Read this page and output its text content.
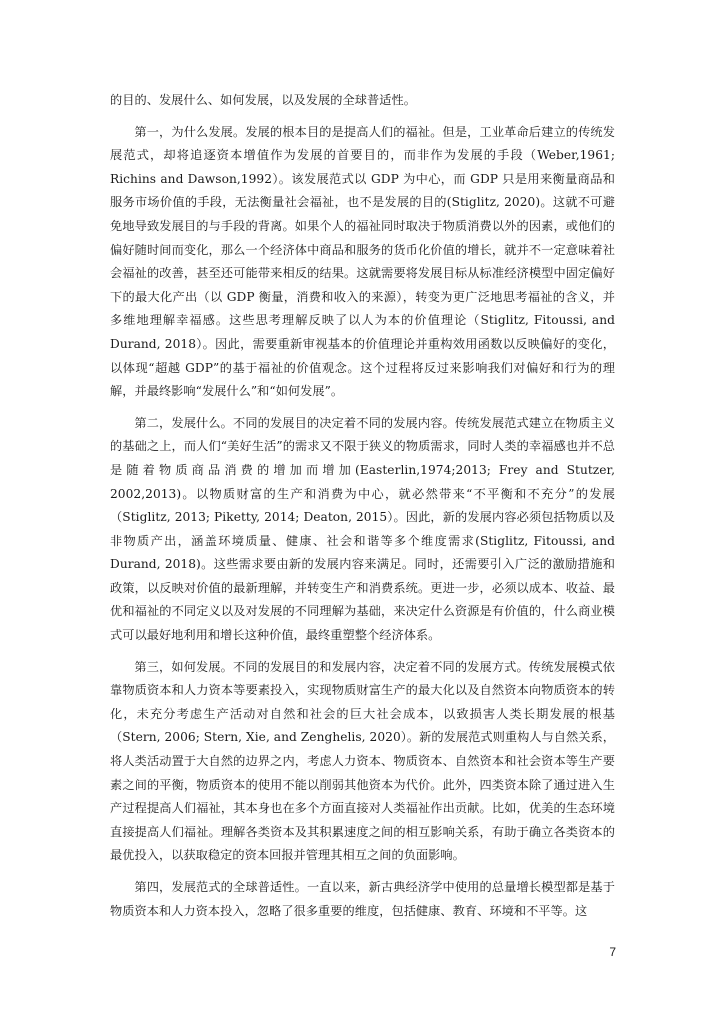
的目的、发展什么、如何发展，以及发展的全球普适性。

第一，为什么发展。发展的根本目的是提高人们的福祉。但是，工业革命后建立的传统发展范式，却将追逐资本增值作为发展的首要目的，而非作为发展的手段（Weber,1961; Richins and Dawson,1992）。该发展范式以 GDP 为中心，而 GDP 只是用来衡量商品和服务市场价值的手段，无法衡量社会福祉，也不是发展的目的(Stiglitz, 2020)。这就不可避免地导致发展目的与手段的背离。如果个人的福祉同时取决于物质消费以外的因素，或他们的偏好随时间而变化，那么一个经济体中商品和服务的货币化价值的增长，就并不一定意味着社会福祉的改善，甚至还可能带来相反的结果。这就需要将发展目标从标准经济模型中固定偏好下的最大化产出（以 GDP 衡量，消费和收入的来源），转变为更广泛地思考福祉的含义，并多维地理解幸福感。这些思考理解反映了以人为本的价值理论（Stiglitz, Fitoussi, and Durand, 2018）。因此，需要重新审视基本的价值理论并重构效用函数以反映偏好的变化，以体现“超越 GDP”的基于福祉的价值观念。这个过程将反过来影响我们对偏好和行为的理解，并最终影响“发展什么”和“如何发展”。

第二，发展什么。不同的发展目的决定着不同的发展内容。传统发展范式建立在物质主义的基础之上，而人们“美好生活”的需求又不限于狭义的物质需求，同时人类的幸福感也并不总是随着物质商品消费的增加而增加(Easterlin,1974;2013; Frey and Stutzer, 2002,2013)。以物质财富的生产和消费为中心，就必然带来“不平衡和不充分”的发展（Stiglitz, 2013; Piketty, 2014; Deaton, 2015）。因此，新的发展内容必须包括物质以及非物质产出，涵盖环境质量、健康、社会和谐等多个维度需求(Stiglitz, Fitoussi, and Durand, 2018)。这些需求要由新的发展内容来满足。同时，还需要引入广泛的激励措施和政策，以反映对价值的最新理解，并转变生产和消费系统。更进一步，必须以成本、收益、最优和福祉的不同定义以及对发展的不同理解为基础，来决定什么资源是有价值的，什么商业模式可以最好地利用和增长这种价值，最终重塑整个经济体系。

第三，如何发展。不同的发展目的和发展内容，决定着不同的发展方式。传统发展模式依靠物质资本和人力资本等要素投入，实现物质财富生产的最大化以及自然资本向物质资本的转化，未充分考虑生产活动对自然和社会的巨大社会成本，以致损害人类长期发展的根基（Stern, 2006; Stern, Xie, and Zenghelis, 2020）。新的发展范式则重构人与自然关系，将人类活动置于大自然的边界之内，考虑人力资本、物质资本、自然资本和社会资本等生产要素之间的平衡，物质资本的使用不能以削弱其他资本为代价。此外，四类资本除了通过进入生产过程提高人们福祉，其本身也在多个方面直接对人类福祉作出贡献。比如，优美的生态环境直接提高人们福祉。理解各类资本及其积累速度之间的相互影响关系，有助于确立各类资本的最优投入，以获取稳定的资本回报并管理其相互之间的负面影响。

第四，发展范式的全球普适性。一直以来，新古典经济学中使用的总量增长模型都是基于物质资本和人力资本投入，忽略了很多重要的维度，包括健康、教育、环境和不平等。这

7
